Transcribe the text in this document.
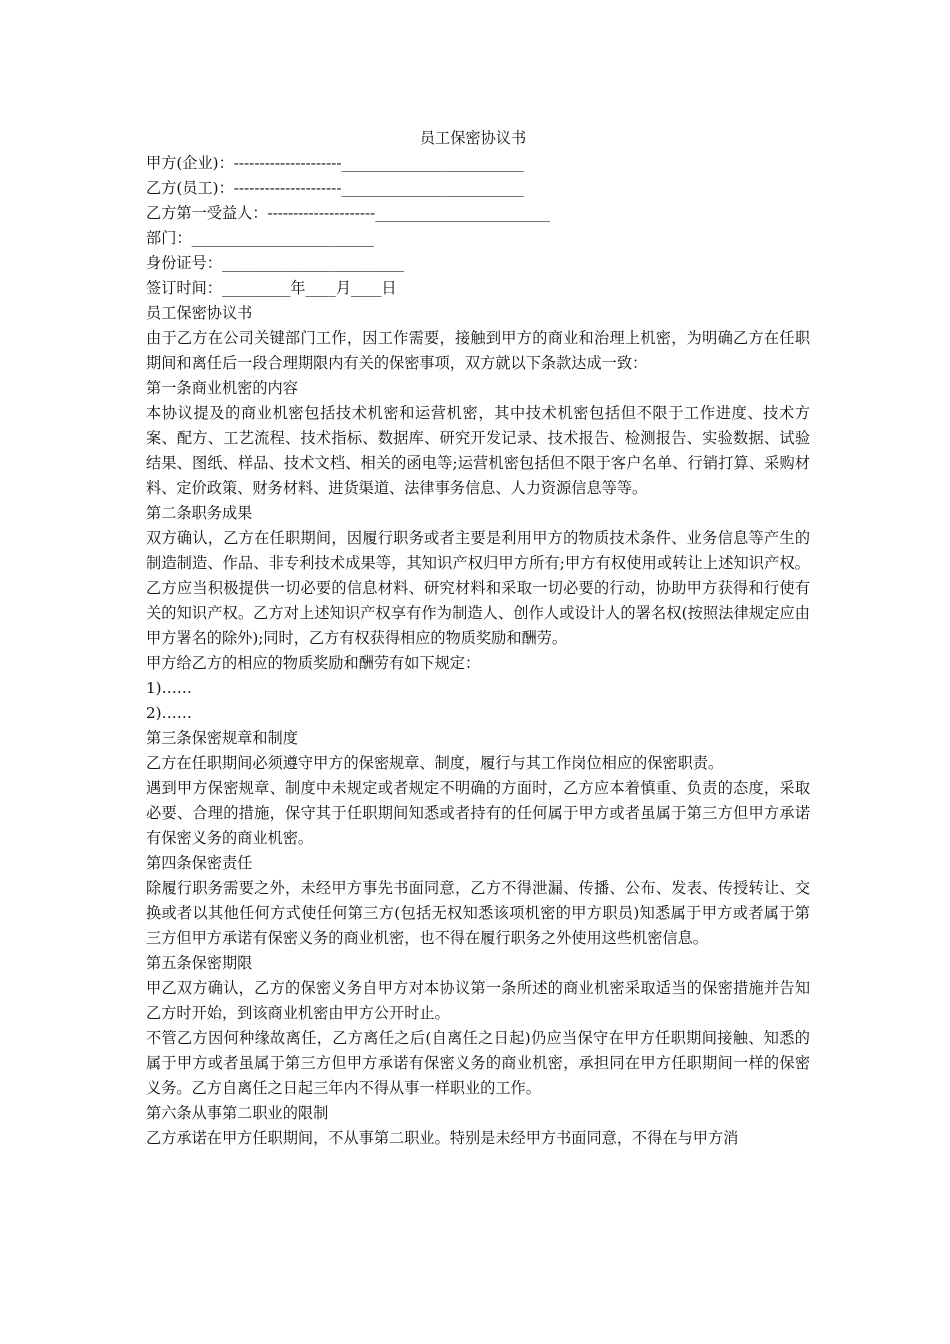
员工保密协议书
甲方(企业)：---------------------________________________
乙方(员工)：---------------------________________________
乙方第一受益人：---------------------_______________________
部门：________________________
身份证号：________________________
签订时间：_________年____月____日
员工保密协议书
由于乙方在公司关键部门工作，因工作需要，接触到甲方的商业和治理上机密，为明确乙方在任职期间和离任后一段合理期限内有关的保密事项，双方就以下条款达成一致：
第一条商业机密的内容
本协议提及的商业机密包括技术机密和运营机密，其中技术机密包括但不限于工作进度、技术方案、配方、工艺流程、技术指标、数据库、研究开发记录、技术报告、检测报告、实验数据、试验结果、图纸、样品、技术文档、相关的函电等;运营机密包括但不限于客户名单、行销打算、采购材料、定价政策、财务材料、进货渠道、法律事务信息、人力资源信息等等。
第二条职务成果
双方确认，乙方在任职期间，因履行职务或者主要是利用甲方的物质技术条件、业务信息等产生的制造制造、作品、非专利技术成果等，其知识产权归甲方所有;甲方有权使用或转让上述知识产权。乙方应当积极提供一切必要的信息材料、研究材料和采取一切必要的行动，协助甲方获得和行使有关的知识产权。乙方对上述知识产权享有作为制造人、创作人或设计人的署名权(按照法律规定应由甲方署名的除外);同时，乙方有权获得相应的物质奖励和酬劳。
甲方给乙方的相应的物质奖励和酬劳有如下规定：
1)……
2)……
第三条保密规章和制度
乙方在任职期间必须遵守甲方的保密规章、制度，履行与其工作岗位相应的保密职责。
遇到甲方保密规章、制度中未规定或者规定不明确的方面时，乙方应本着慎重、负责的态度，采取必要、合理的措施，保守其于任职期间知悉或者持有的任何属于甲方或者虽属于第三方但甲方承诺有保密义务的商业机密。
第四条保密责任
除履行职务需要之外，未经甲方事先书面同意，乙方不得泄漏、传播、公布、发表、传授转让、交换或者以其他任何方式使任何第三方(包括无权知悉该项机密的甲方职员)知悉属于甲方或者属于第三方但甲方承诺有保密义务的商业机密，也不得在履行职务之外使用这些机密信息。
第五条保密期限
甲乙双方确认，乙方的保密义务自甲方对本协议第一条所述的商业机密采取适当的保密措施并告知乙方时开始，到该商业机密由甲方公开时止。
不管乙方因何种缘故离任，乙方离任之后(自离任之日起)仍应当保守在甲方任职期间接触、知悉的属于甲方或者虽属于第三方但甲方承诺有保密义务的商业机密，承担同在甲方任职期间一样的保密义务。乙方自离任之日起三年内不得从事一样职业的工作。
第六条从事第二职业的限制
乙方承诺在甲方任职期间，不从事第二职业。特别是未经甲方书面同意，不得在与甲方消
